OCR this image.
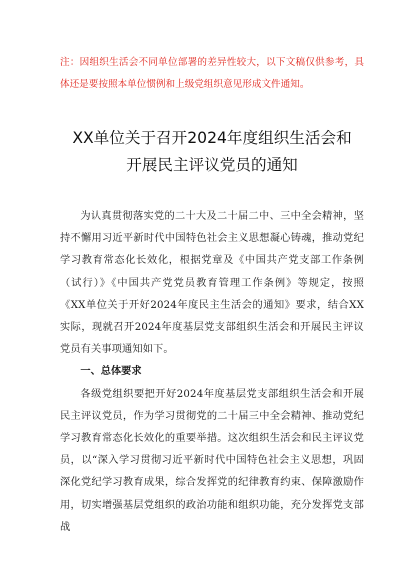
注：因组织生活会不同单位部署的差异性较大，以下文稿仅供参考，具体还是要按照本单位惯例和上级党组织意见形成文件通知。

XX单位关于召开2024年度组织生活会和
开展民主评议党员的通知

为认真贯彻落实党的二十大及二十届二中、三中全会精神，坚持不懈用习近平新时代中国特色社会主义思想凝心铸魂，推动党纪学习教育常态化长效化，根据党章及《中国共产党支部工作条例（试行）》《中国共产党党员教育管理工作条例》等规定，按照《XX单位关于开好2024年度民主生活会的通知》要求，结合XX实际，现就召开2024年度基层党支部组织生活会和开展民主评议党员有关事项通知如下。

一、总体要求

各级党组织要把开好2024年度基层党支部组织生活会和开展民主评议党员，作为学习贯彻党的二十届三中全会精神、推动党纪学习教育常态化长效化的重要举措。这次组织生活会和民主评议党员，以“深入学习贯彻习近平新时代中国特色社会主义思想，巩固深化党纪学习教育成果，综合发挥党的纪律教育约束、保障激励作用，切实增强基层党组织的政治功能和组织功能，充分发挥党支部战
